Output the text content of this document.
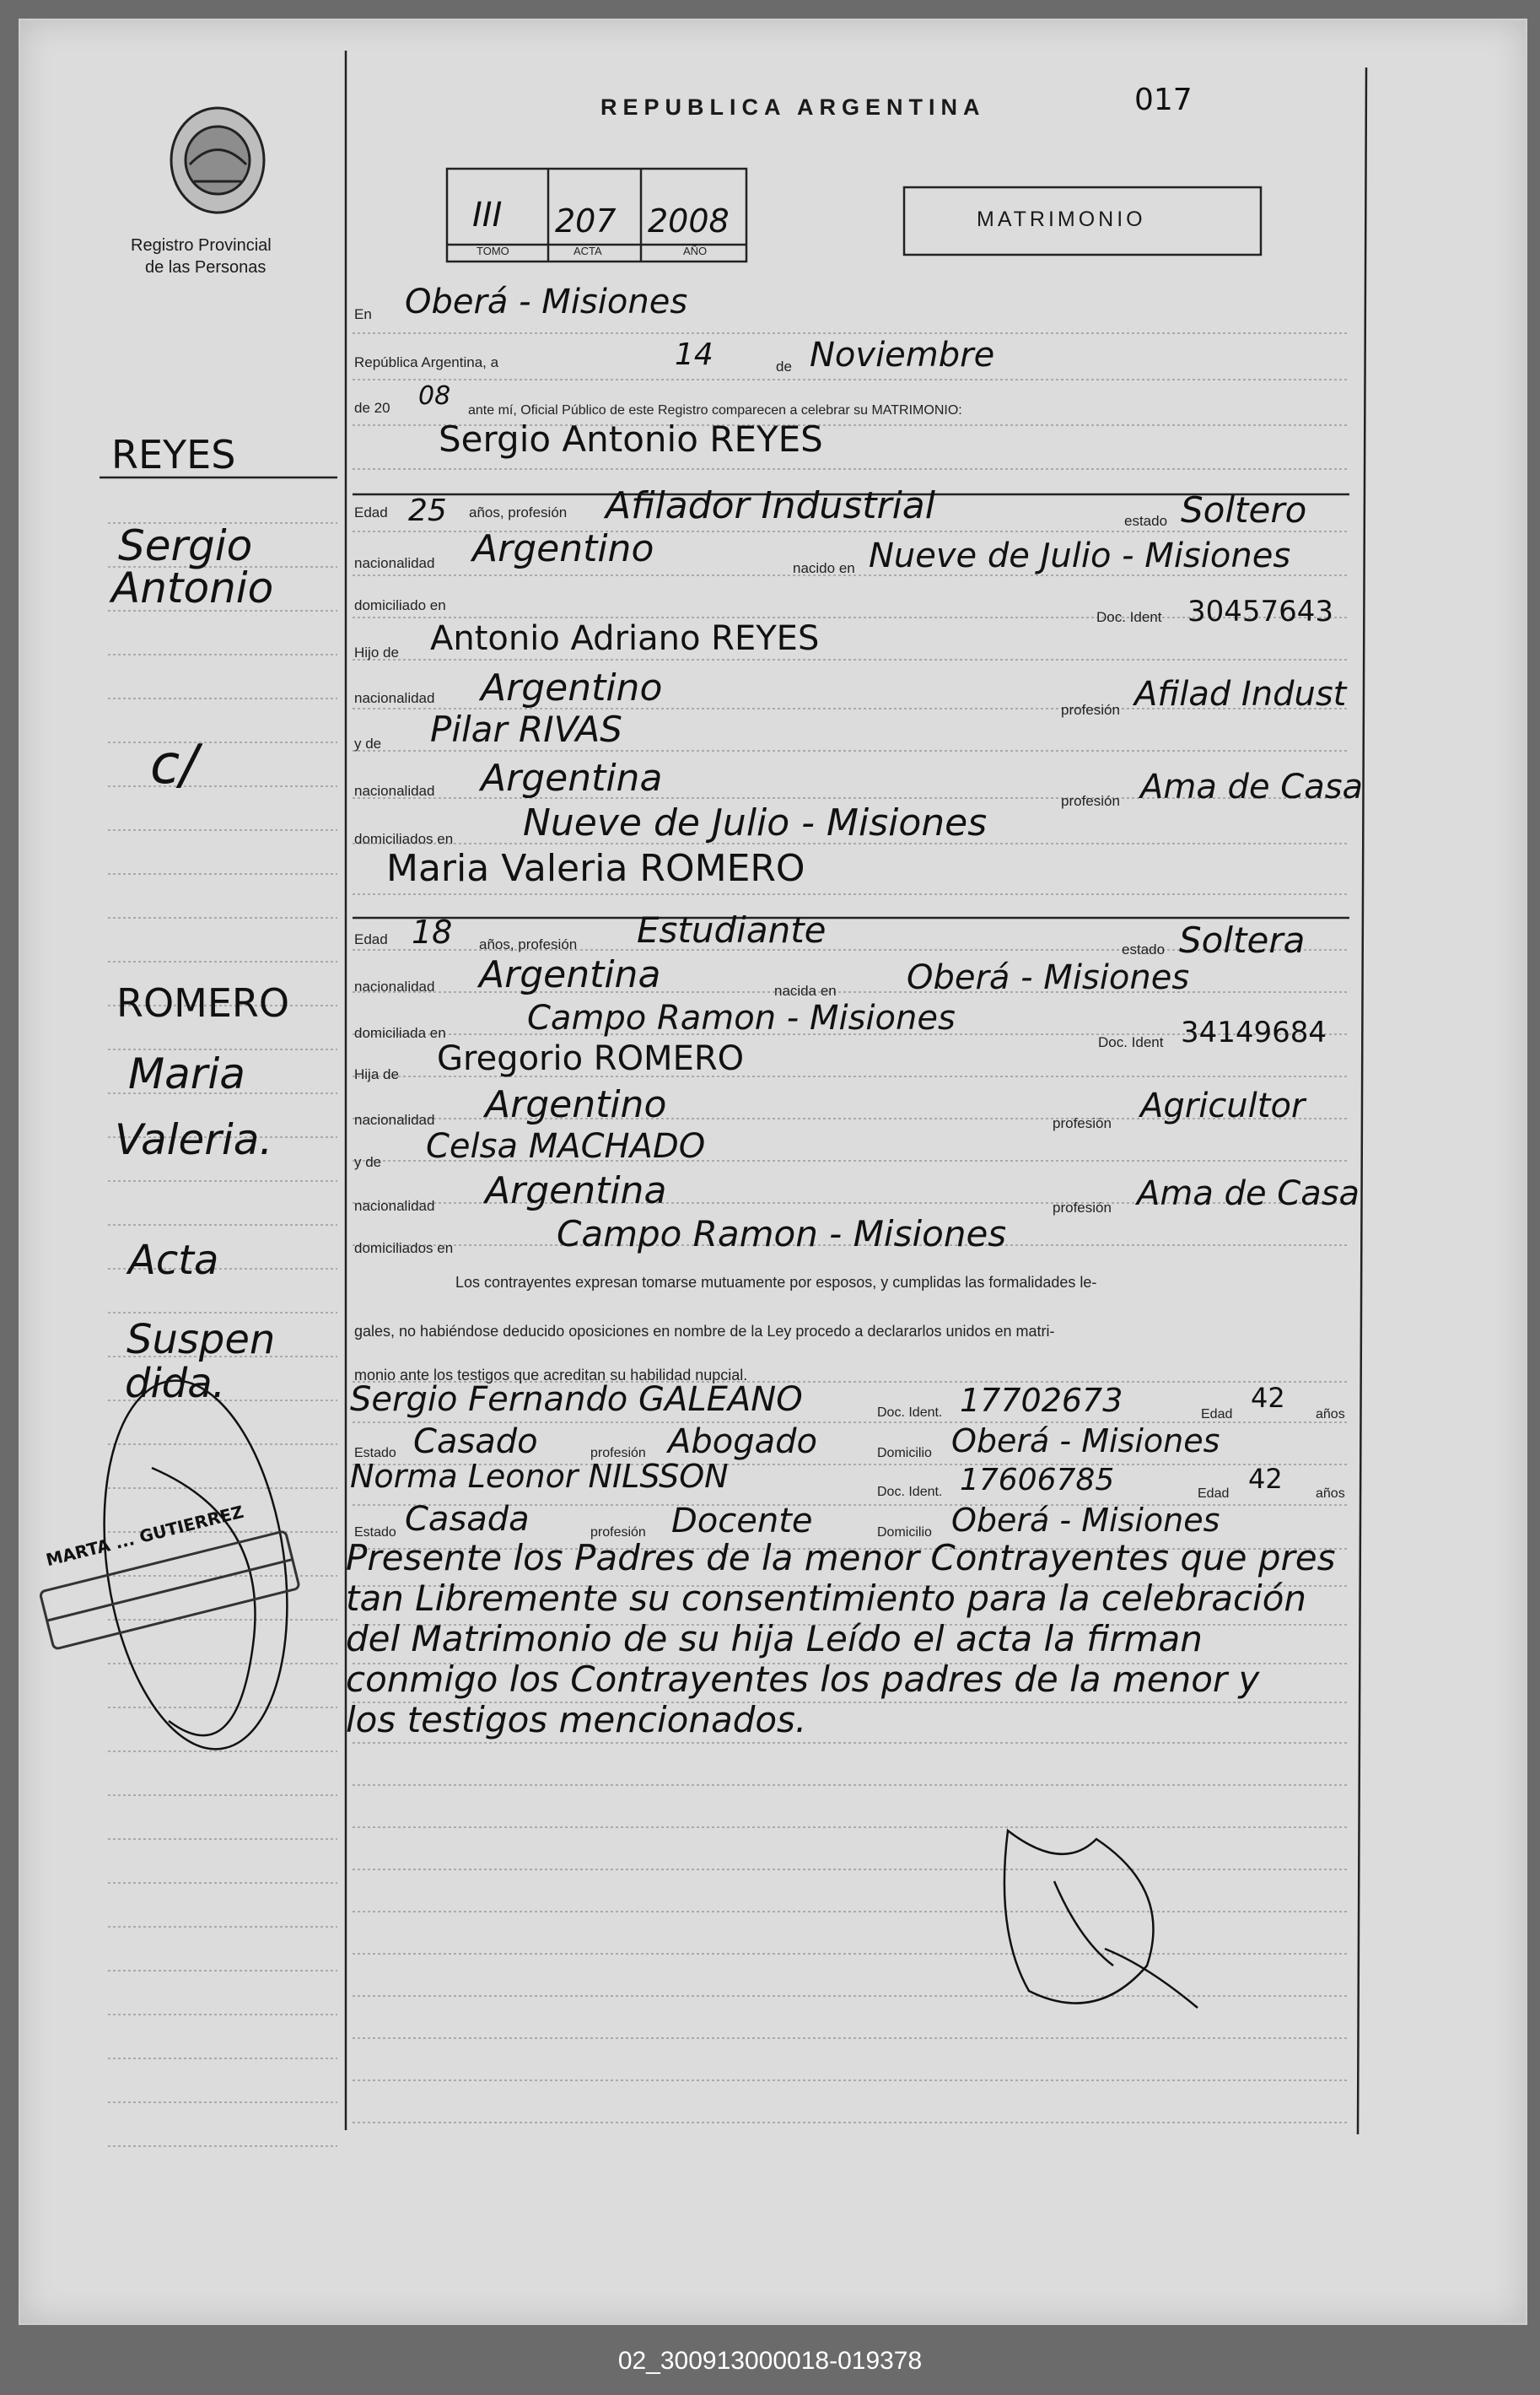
REPUBLICA ARGENTINA	017
Registro Provincial
de las Personas
III 207 2008
TOMO	ACTA	AÑO
MATRIMONIO
En Oberá - Misiones
República Argentina, a	14	de Noviembre
de 20 08 ante mí, Oficial Público de este Registro comparecen a celebrar su MATRIMONIO:
Sergio Antonio REYES
Edad 25 años, profesión Afilador Industrial	estado Soltero
nacionalidad Argentino	nacido en Nueve de Julio - Misiones
domiciliado en
Doc. Ident 30457643
Hijo de Antonio Adriano REYES
nacionalidad Argentino
profesión Afilad Indust
y de Pilar RIVAS
nacionalidad Argentina
profesión Ama de Casa
domiciliados en Nueve de Julio - Misiones
Maria Valeria ROMERO
Edad 18 años, profesión Estudiante	estado Soltera
nacionalidad Argentina	nacida en Oberá - Misiones
domiciliada en Campo Ramon - Misiones
Doc. Ident 34149684
Hija de Gregorio ROMERO
nacionalidad Argentino	profesión Agricultor
y de Celsa MACHADO
nacionalidad Argentina	profesión Ama de Casa
domiciliados en	Campo Ramon - Misiones
Los contrayentes expresan tomarse mutuamente por esposos, y cumplidas las formalidades le-
gales, no habiéndose deducido oposiciones en nombre de la Ley procedo a declararlos unidos en matri-
monio ante los testigos que acreditan su habilidad nupcial.
Sergio Fernando GALEANO	Doc. Ident. 17702673	Edad
42
años
Estado Casado	profesión Abogado	Domicilio Oberá - Misiones
Norma Leonor NILSSON	Doc. Ident. 17606785	Edad 42 años
Estado Casada	profesión Docente	Domicilio Oberá - Misiones
Presente los Padres de la menor Contrayentes que pres
tan Libremente su consentimiento para la celebración
del Matrimonio de su hija Leído el acta la firman
conmigo los Contrayentes los padres de la menor y
los testigos mencionados.
REYES
Sergio
Antonio
c/
ROMERO
Maria
Valeria.
Acta
Suspen
dida.
MARTA ... GUTIERREZ
02_300913000018-019378
